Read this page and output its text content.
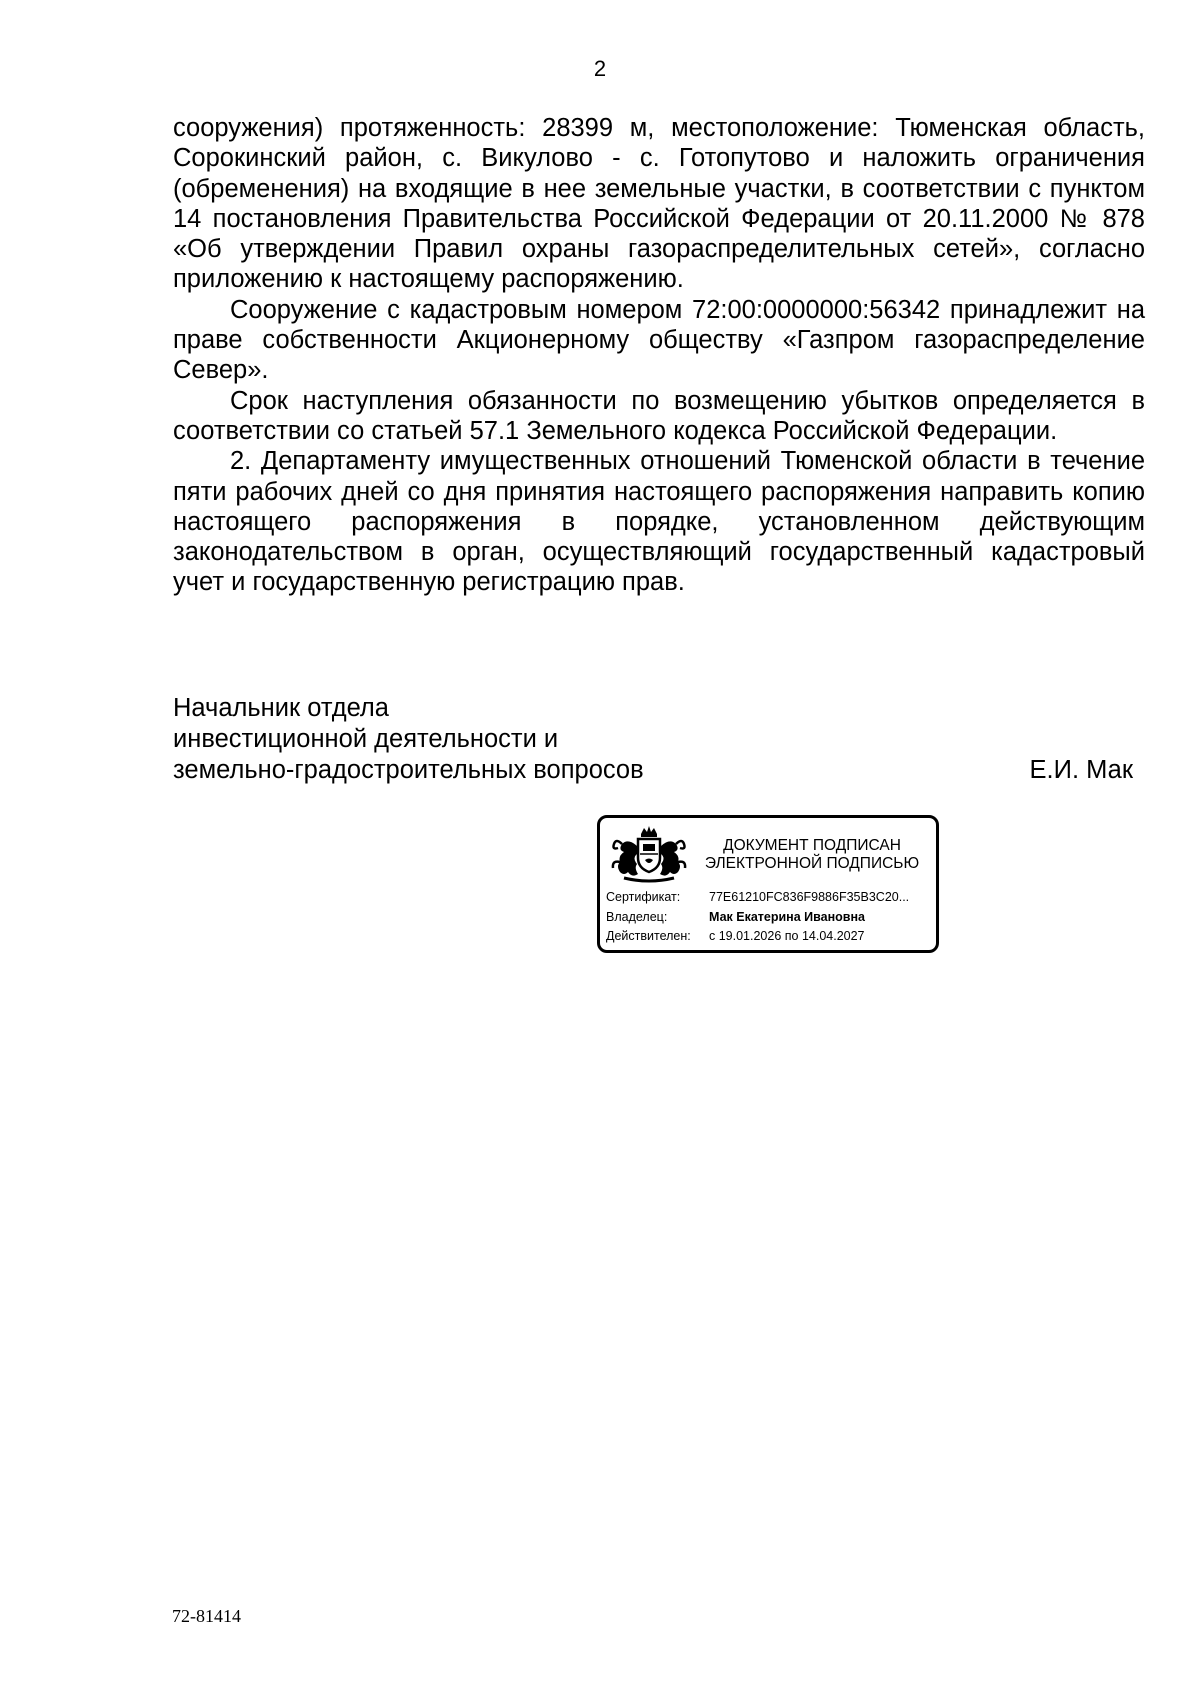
2

сооружения) протяженность: 28399 м, местоположение: Тюменская область, Сорокинский район, с. Викулово - с. Готопутово и наложить ограничения (обременения) на входящие в нее земельные участки, в соответствии с пунктом 14 постановления Правительства Российской Федерации от 20.11.2000 № 878 «Об утверждении Правил охраны газораспределительных сетей», согласно приложению к настоящему распоряжению.

Сооружение с кадастровым номером 72:00:0000000:56342 принадлежит на праве собственности Акционерному обществу «Газпром газораспределение Север».

Срок наступления обязанности по возмещению убытков определяется в соответствии со статьей 57.1 Земельного кодекса Российской Федерации.

2. Департаменту имущественных отношений Тюменской области в течение пяти рабочих дней со дня принятия настоящего распоряжения направить копию настоящего распоряжения в порядке, установленном действующим законодательством в орган, осуществляющий государственный кадастровый учет и государственную регистрацию прав.

Начальник отдела
инвестиционной деятельности и
земельно-градостроительных вопросов	Е.И. Мак
ДОКУМЕНТ ПОДПИСАН
ЭЛЕКТРОННОЙ ПОДПИСЬЮ
Сертификат: 77E61210FC836F9886F35B3C20...
Владелец:	Мак Екатерина Ивановна
Действителен: с 19.01.2026 по 14.04.2027
72-81414
